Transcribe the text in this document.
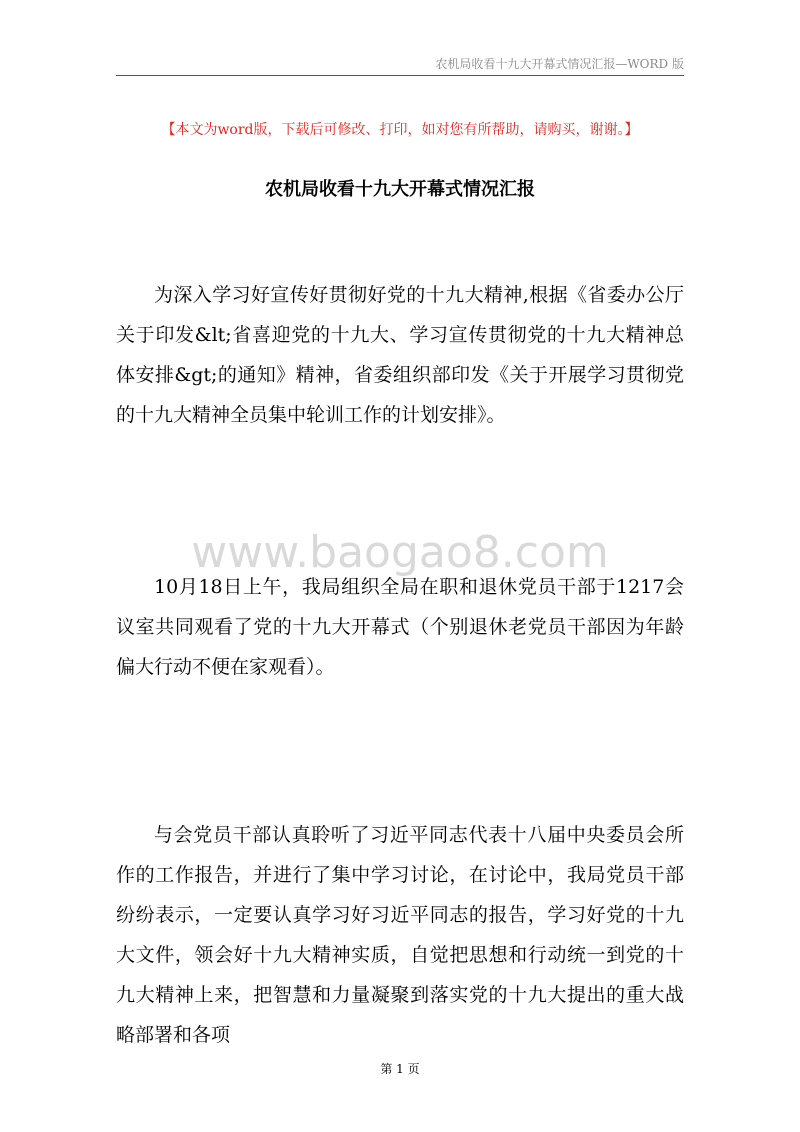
农机局收看十九大开幕式情况汇报—WORD 版
【本文为word版，下载后可修改、打印，如对您有所帮助，请购买，谢谢。】
农机局收看十九大开幕式情况汇报
为深入学习好宣传好贯彻好党的十九大精神,根据《省委办公厅关于印发&lt;省喜迎党的十九大、学习宣传贯彻党的十九大精神总体安排&gt;的通知》精神，省委组织部印发《关于开展学习贯彻党的十九大精神全员集中轮训工作的计划安排》。
www.baogao8.com
10月18日上午，我局组织全局在职和退休党员干部于1217会议室共同观看了党的十九大开幕式（个别退休老党员干部因为年龄偏大行动不便在家观看）。
与会党员干部认真聆听了习近平同志代表十八届中央委员会所作的工作报告，并进行了集中学习讨论，在讨论中，我局党员干部纷纷表示，一定要认真学习好习近平同志的报告，学习好党的十九大文件，领会好十九大精神实质，自觉把思想和行动统一到党的十九大精神上来，把智慧和力量凝聚到落实党的十九大提出的重大战略部署和各项
第 1 页
